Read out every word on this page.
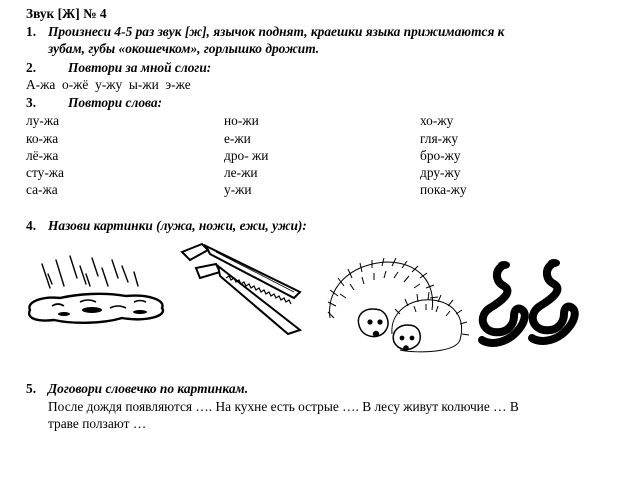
Звук [Ж] № 4
1. Произнеси 4-5 раз звук [ж], язычок поднят, краешки языка прижимаются к
зубам, губы «окошечком», горлышко дрожит.
2. Повтори за мной слоги:
А-жа  о-жё  у-жу  ы-жи  э-же
3. Повтори слова:
лу-жа
ко-жа
лё-жа
сту-жа
са-жа
но-жи
е-жи
дро- жи
ле-жи
у-жи
хо-жу
гля-жу
бро-жу
дру-жу
пока-жу
4. Назови картинки (лужа, ножи, ежи, ужи):
5. Договори словечко по картинкам.
После дождя появляются …. На кухне есть острые …. В лесу живут колючие … В
траве ползают …
